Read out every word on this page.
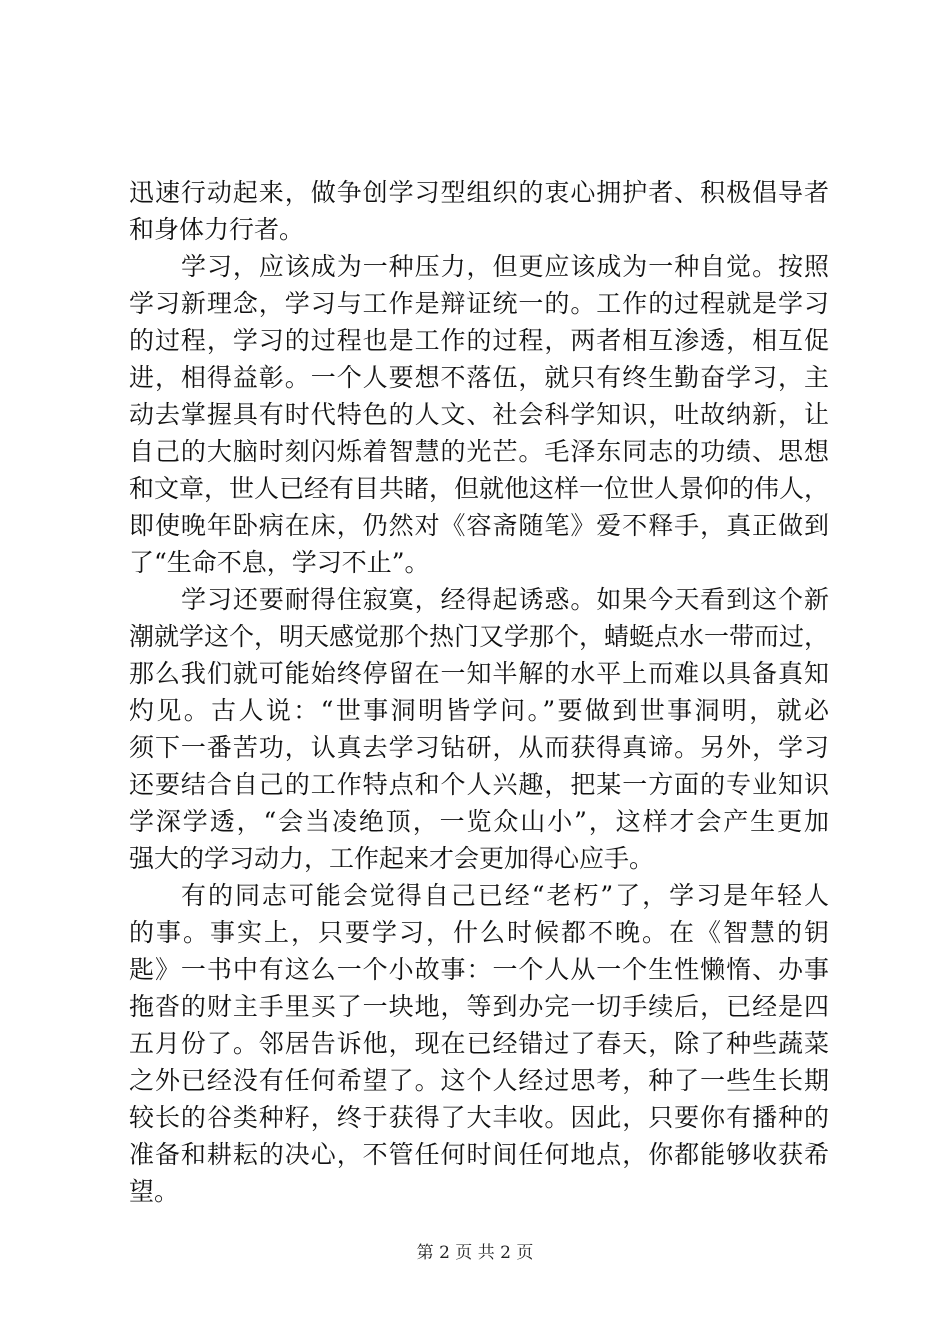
迅速行动起来，做争创学习型组织的衷心拥护者、积极倡导者
和身体力行者。
学习，应该成为一种压力，但更应该成为一种自觉。按照
学习新理念，学习与工作是辩证统一的。工作的过程就是学习
的过程，学习的过程也是工作的过程，两者相互渗透，相互促
进，相得益彰。一个人要想不落伍，就只有终生勤奋学习，主
动去掌握具有时代特色的人文、社会科学知识，吐故纳新，让
自己的大脑时刻闪烁着智慧的光芒。毛泽东同志的功绩、思想
和文章，世人已经有目共睹，但就他这样一位世人景仰的伟人，
即使晚年卧病在床，仍然对《容斋随笔》爱不释手，真正做到
了“生命不息，学习不止”。
学习还要耐得住寂寞，经得起诱惑。如果今天看到这个新
潮就学这个，明天感觉那个热门又学那个，蜻蜓点水一带而过，
那么我们就可能始终停留在一知半解的水平上而难以具备真知
灼见。古人说：“世事洞明皆学问。”要做到世事洞明，就必
须下一番苦功，认真去学习钻研，从而获得真谛。另外，学习
还要结合自己的工作特点和个人兴趣，把某一方面的专业知识
学深学透，“会当凌绝顶，一览众山小”，这样才会产生更加
强大的学习动力，工作起来才会更加得心应手。
有的同志可能会觉得自己已经“老朽”了，学习是年轻人
的事。事实上，只要学习，什么时候都不晚。在《智慧的钥
匙》一书中有这么一个小故事：一个人从一个生性懒惰、办事
拖沓的财主手里买了一块地，等到办完一切手续后，已经是四
五月份了。邻居告诉他，现在已经错过了春天，除了种些蔬菜
之外已经没有任何希望了。这个人经过思考，种了一些生长期
较长的谷类种籽，终于获得了大丰收。因此，只要你有播种的
准备和耕耘的决心，不管任何时间任何地点，你都能够收获希
望。
第 2 页 共 2 页
